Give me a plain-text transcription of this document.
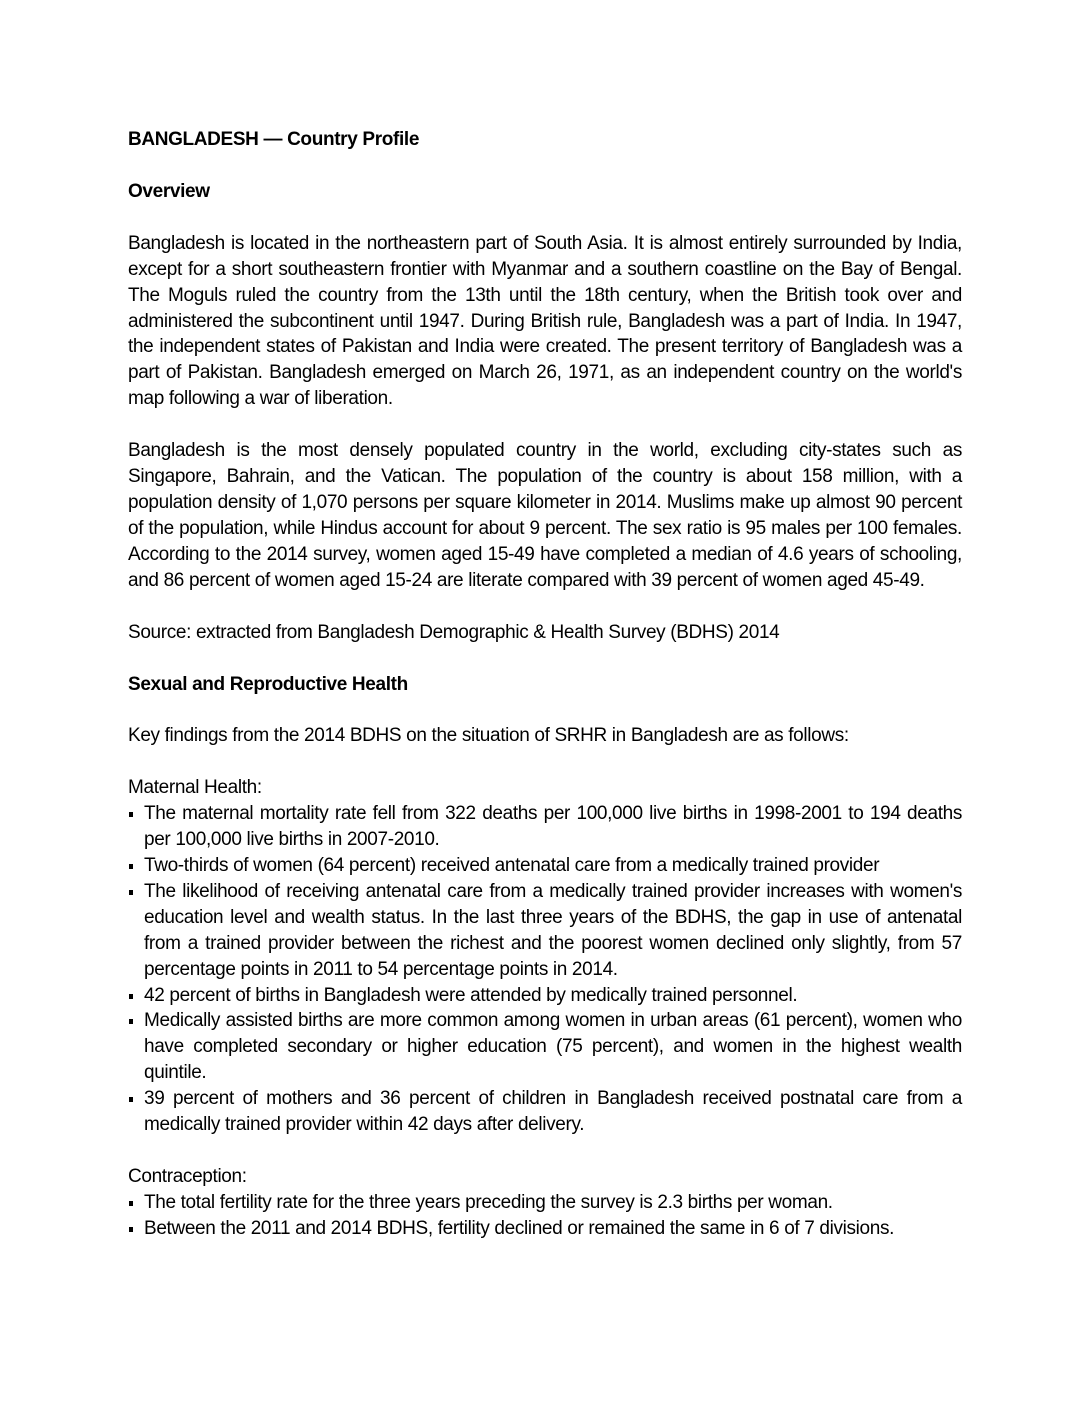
BANGLADESH — Country Profile
Overview

Bangladesh is located in the northeastern part of South Asia. It is almost entirely surrounded by India, except for a short southeastern frontier with Myanmar and a southern coastline on the Bay of Bengal. The Moguls ruled the country from the 13th until the 18th century, when the British took over and administered the subcontinent until 1947. During British rule, Bangladesh was a part of India. In 1947, the independent states of Pakistan and India were created. The present territory of Bangladesh was a part of Pakistan. Bangladesh emerged on March 26, 1971, as an independent country on the world's map following a war of liberation.

Bangladesh is the most densely populated country in the world, excluding city-states such as Singapore, Bahrain, and the Vatican. The population of the country is about 158 million, with a population density of 1,070 persons per square kilometer in 2014. Muslims make up almost 90 percent of the population, while Hindus account for about 9 percent. The sex ratio is 95 males per 100 females. According to the 2014 survey, women aged 15-49 have completed a median of 4.6 years of schooling, and 86 percent of women aged 15-24 are literate compared with 39 percent of women aged 45-49.

Source: extracted from Bangladesh Demographic & Health Survey (BDHS) 2014

Sexual and Reproductive Health

Key findings from the 2014 BDHS on the situation of SRHR in Bangladesh are as follows:

Maternal Health:
The maternal mortality rate fell from 322 deaths per 100,000 live births in 1998-2001 to 194 deaths per 100,000 live births in 2007-2010.
Two-thirds of women (64 percent) received antenatal care from a medically trained provider
The likelihood of receiving antenatal care from a medically trained provider increases with women's education level and wealth status. In the last three years of the BDHS, the gap in use of antenatal from a trained provider between the richest and the poorest women declined only slightly, from 57 percentage points in 2011 to 54 percentage points in 2014.
42 percent of births in Bangladesh were attended by medically trained personnel.
Medically assisted births are more common among women in urban areas (61 percent), women who have completed secondary or higher education (75 percent), and women in the highest wealth quintile.
39 percent of mothers and 36 percent of children in Bangladesh received postnatal care from a medically trained provider within 42 days after delivery.
Contraception:
The total fertility rate for the three years preceding the survey is 2.3 births per woman.
Between the 2011 and 2014 BDHS, fertility declined or remained the same in 6 of 7 divisions.
